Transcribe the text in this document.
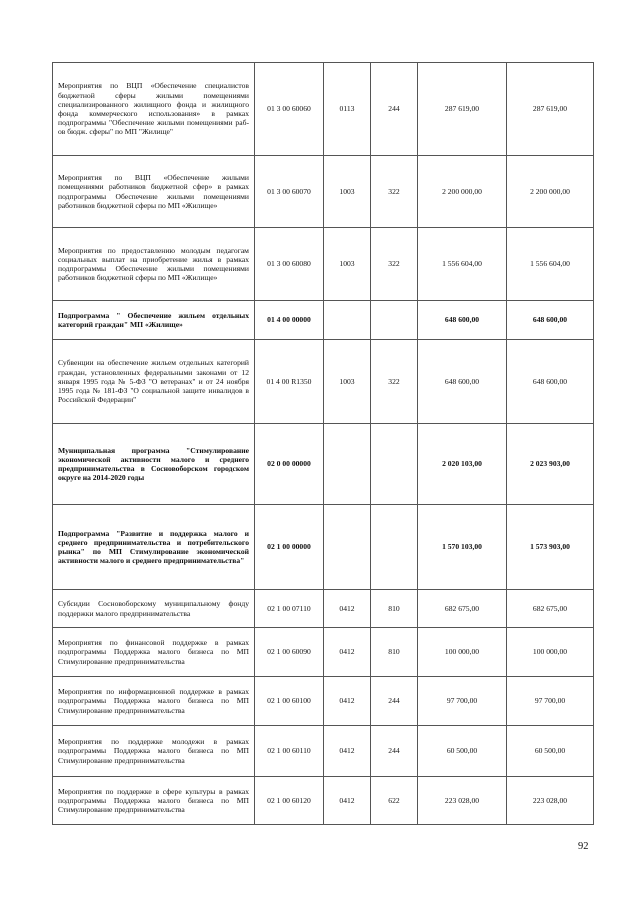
Мероприятия по ВЦП «Обеспечение специалистов бюджетной сферы жилыми помещениями специализированного жилищного фонда и жилищного фонда коммерческого использования» в рамках подпрограммы "Обеспечение жилыми помещениями раб-ов бюдж. сферы" по МП "Жилище"	01 3 00 60060	0113	244	287 619,00	287 619,00
Мероприятия по ВЦП «Обеспечение жилыми помещениями работников бюджетной сфер» в рамках подпрограммы Обеспечение жилыми помещениями работников бюджетной сферы по МП «Жилище»	01 3 00 60070	1003	322	2 200 000,00	2 200 000,00
Мероприятия по предоставлению молодым педагогам социальных выплат на приобретение жилья в рамках подпрограммы Обеспечение жилыми помещениями работников бюджетной сферы по МП «Жилище»	01 3 00 60080	1003	322	1 556 604,00	1 556 604,00
Подпрограмма " Обеспечение жильем отдельных категорий граждан" МП «Жилище»	01 4 00 00000			648 600,00	648 600,00
Субвенции на обеспечение жильем отдельных категорий граждан, установленных федеральными законами от 12 января 1995 года № 5-ФЗ "О ветеранах" и от 24 ноября 1995 года № 181-ФЗ "О социальной защите инвалидов в Российской Федерации"	01 4 00 R1350	1003	322	648 600,00	648 600,00
Муниципальная программа "Стимулирование экономической активности малого и среднего предпринимательства в Сосновоборском городском округе на 2014-2020 годы	02 0 00 00000			2 020 103,00	2 023 903,00
Подпрограмма "Развитие и поддержка малого и среднего предпринимательства и потребительского рынка" по МП Стимулирование экономической активности малого и среднего предпринимательства"	02 1 00 00000			1 570 103,00	1 573 903,00
Субсидии Сосновоборскому муниципальному фонду поддержки малого предпринимательства	02 1 00 07110	0412	810	682 675,00	682 675,00
Мероприятия по финансовой поддержке в рамках подпрограммы Поддержка малого бизнеса по МП Стимулирование предпринимательства	02 1 00 60090	0412	810	100 000,00	100 000,00
Мероприятия по информационной поддержке в рамках подпрограммы Поддержка малого бизнеса по МП Стимулирование предпринимательства	02 1 00 60100	0412	244	97 700,00	97 700,00
Мероприятия по поддержке молодежи в рамках подпрограммы Поддержка малого бизнеса по МП Стимулирование предпринимательства	02 1 00 60110	0412	244	60 500,00	60 500,00
Мероприятия по поддержке в сфере культуры в рамках подпрограммы Поддержка малого бизнеса по МП Стимулирование предпринимательства	02 1 00 60120	0412	622	223 028,00	223 028,00
92
